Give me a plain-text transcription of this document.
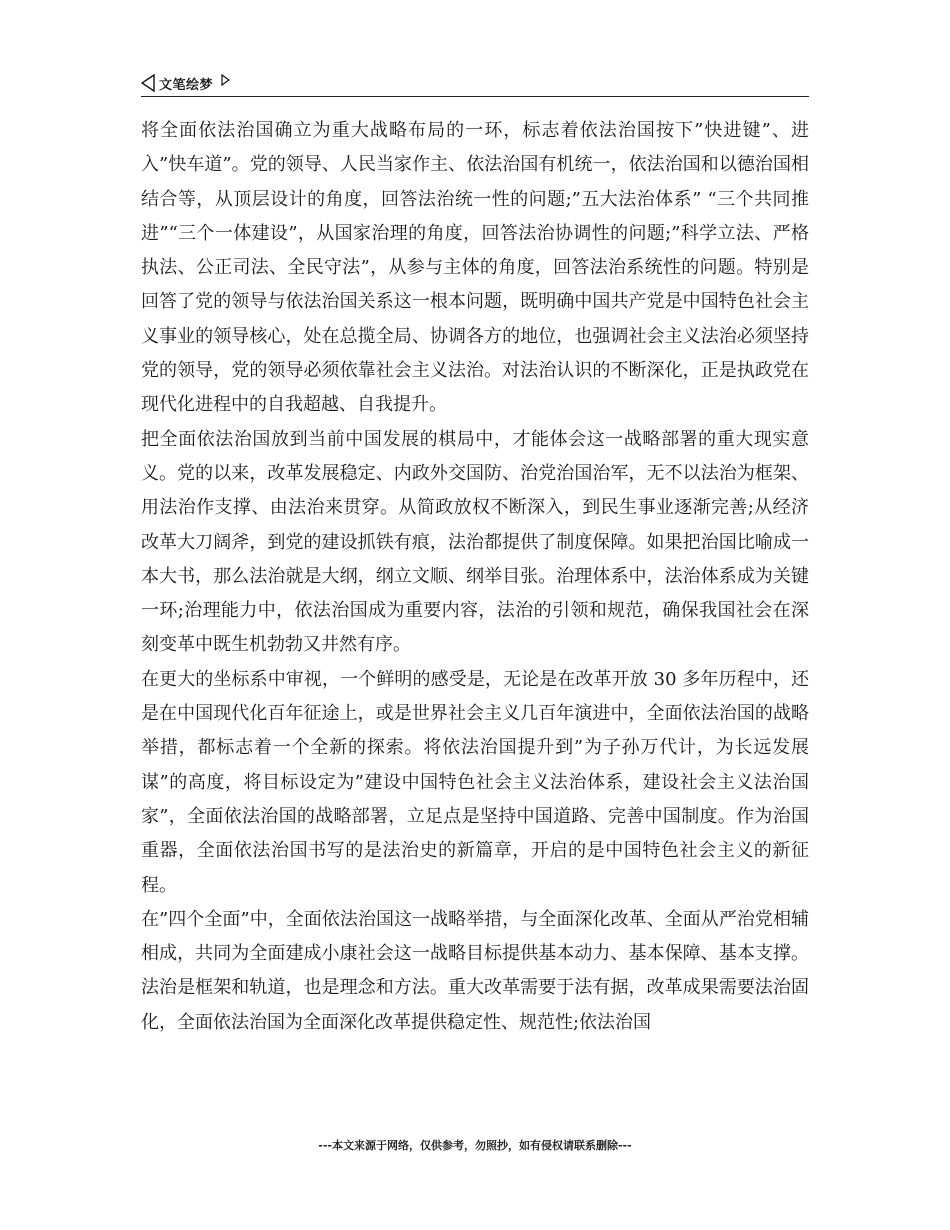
文笔绘梦

将全面依法治国确立为重大战略布局的一环，标志着依法治国按下”快进键”、进入”快车道”。党的领导、人民当家作主、依法治国有机统一，依法治国和以德治国相结合等，从顶层设计的角度，回答法治统一性的问题;”五大法治体系” “三个共同推进”“三个一体建设”，从国家治理的角度，回答法治协调性的问题;”科学立法、严格执法、公正司法、全民守法”，从参与主体的角度，回答法治系统性的问题。特别是回答了党的领导与依法治国关系这一根本问题，既明确中国共产党是中国特色社会主义事业的领导核心，处在总揽全局、协调各方的地位，也强调社会主义法治必须坚持党的领导，党的领导必须依靠社会主义法治。对法治认识的不断深化，正是执政党在现代化进程中的自我超越、自我提升。

把全面依法治国放到当前中国发展的棋局中，才能体会这一战略部署的重大现实意义。党的以来，改革发展稳定、内政外交国防、治党治国治军，无不以法治为框架、用法治作支撑、由法治来贯穿。从简政放权不断深入，到民生事业逐渐完善;从经济改革大刀阔斧，到党的建设抓铁有痕，法治都提供了制度保障。如果把治国比喻成一本大书，那么法治就是大纲，纲立文顺、纲举目张。治理体系中，法治体系成为关键一环;治理能力中，依法治国成为重要内容，法治的引领和规范，确保我国社会在深刻变革中既生机勃勃又井然有序。

在更大的坐标系中审视，一个鲜明的感受是，无论是在改革开放 30 多年历程中，还是在中国现代化百年征途上，或是世界社会主义几百年演进中，全面依法治国的战略举措，都标志着一个全新的探索。将依法治国提升到”为子孙万代计，为长远发展谋”的高度，将目标设定为”建设中国特色社会主义法治体系，建设社会主义法治国家”，全面依法治国的战略部署，立足点是坚持中国道路、完善中国制度。作为治国重器，全面依法治国书写的是法治史的新篇章，开启的是中国特色社会主义的新征程。

在”四个全面”中，全面依法治国这一战略举措，与全面深化改革、全面从严治党相辅相成，共同为全面建成小康社会这一战略目标提供基本动力、基本保障、基本支撑。法治是框架和轨道，也是理念和方法。重大改革需要于法有据，改革成果需要法治固化，全面依法治国为全面深化改革提供稳定性、规范性;依法治国

---本文来源于网络，仅供参考，勿照抄，如有侵权请联系删除---
